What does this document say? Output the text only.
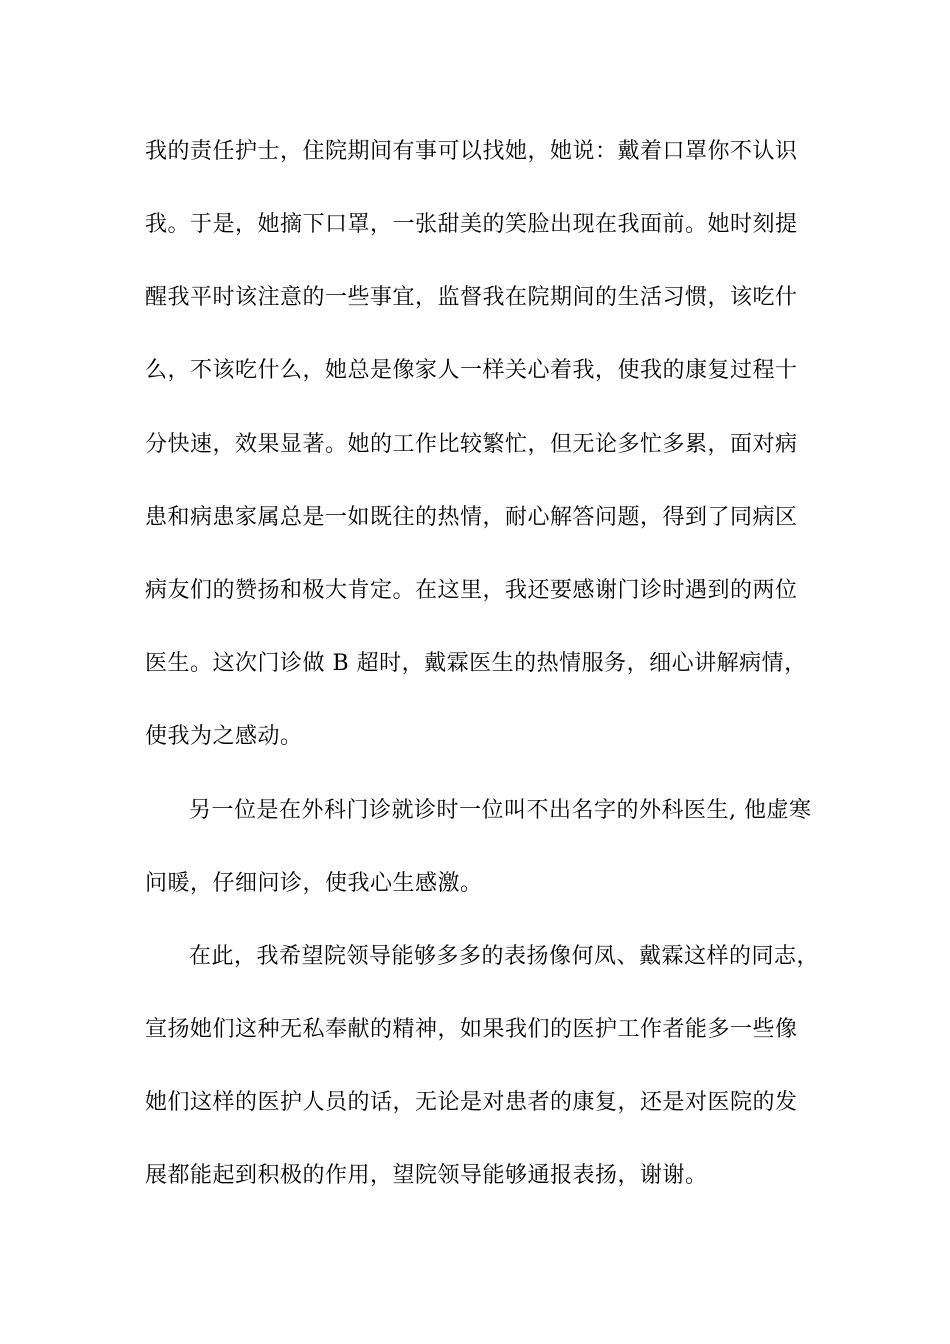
我的责任护士，住院期间有事可以找她，她说：戴着口罩你不认识
我。于是，她摘下口罩，一张甜美的笑脸出现在我面前。她时刻提
醒我平时该注意的一些事宜，监督我在院期间的生活习惯，该吃什
么，不该吃什么，她总是像家人一样关心着我，使我的康复过程十
分快速，效果显著。她的工作比较繁忙，但无论多忙多累，面对病
患和病患家属总是一如既往的热情，耐心解答问题，得到了同病区
病友们的赞扬和极大肯定。在这里，我还要感谢门诊时遇到的两位
医生。这次门诊做 B 超时，戴霖医生的热情服务，细心讲解病情，
使我为之感动。
另一位是在外科门诊就诊时一位叫不出名字的外科医生, 他虚寒
问暖，仔细问诊，使我心生感激。
在此，我希望院领导能够多多的表扬像何凤、戴霖这样的同志，
宣扬她们这种无私奉献的精神，如果我们的医护工作者能多一些像
她们这样的医护人员的话，无论是对患者的康复，还是对医院的发
展都能起到积极的作用，望院领导能够通报表扬，谢谢。
